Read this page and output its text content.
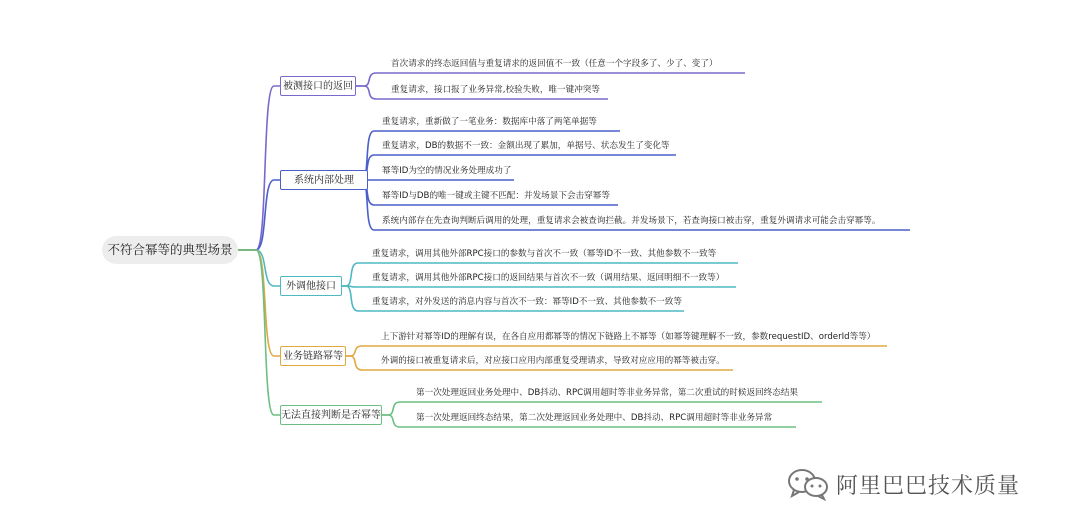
不符合幂等的典型场景
被测接口的返回
首次请求的终态返回值与重复请求的返回值不一致（任意一个字段多了、少了、变了）
重复请求，接口报了业务异常,校验失败，唯一键冲突等
系统内部处理
重复请求，重新做了一笔业务：数据库中落了两笔单据等
重复请求，DB的数据不一致：金额出现了累加，单据号、状态发生了变化等
幂等ID为空的情况业务处理成功了
幂等ID与DB的唯一键或主键不匹配：并发场景下会击穿幂等
系统内部存在先查询判断后调用的处理，重复请求会被查询拦截。并发场景下，若查询接口被击穿，重复外调请求可能会击穿幂等。
外调他接口
重复请求，调用其他外部RPC接口的参数与首次不一致（幂等ID不一致、其他参数不一致等
重复请求，调用其他外部RPC接口的返回结果与首次不一致（调用结果、返回明细不一致等）
重复请求，对外发送的消息内容与首次不一致：幂等ID不一致、其他参数不一致等
业务链路幂等
上下游针对幂等ID的理解有误，在各自应用都幂等的情况下链路上不幂等（如幂等键理解不一致，参数requestID、orderId等等）
外调的接口被重复请求后，对应接口应用内部重复受理请求，导致对应应用的幂等被击穿。
无法直接判断是否幂等
第一次处理返回业务处理中、DB抖动、RPC调用超时等非业务异常，第二次重试的时候返回终态结果
第一次处理返回终态结果，第二次处理返回业务处理中、DB抖动、RPC调用超时等非业务异常
阿里巴巴技术质量
